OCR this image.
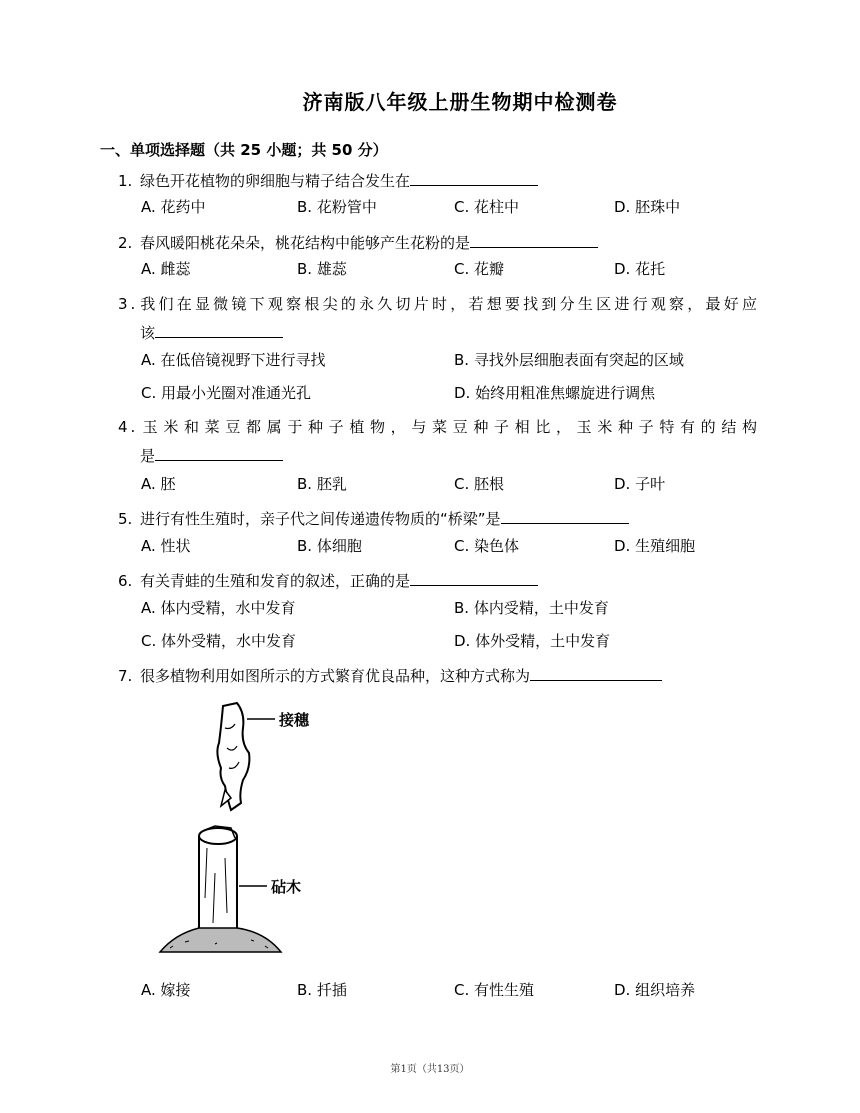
济南版八年级上册生物期中检测卷
一、单项选择题（共 25 小题；共 50 分）
1. 绿色开花植物的卵细胞与精子结合发生在
A. 花药中	B. 花粉管中	C. 花柱中	D. 胚珠中
2. 春风暖阳桃花朵朵，桃花结构中能够产生花粉的是
A. 雌蕊	B. 雄蕊	C. 花瓣	D. 花托
3. 我们在显微镜下观察根尖的永久切片时，若想要找到分生区进行观察，最好应
该
A. 在低倍镜视野下进行寻找	B. 寻找外层细胞表面有突起的区域
C. 用最小光圈对准通光孔	D. 始终用粗准焦螺旋进行调焦
4. 玉米和菜豆都属于种子植物，与菜豆种子相比，玉米种子特有的结构
是
A. 胚	B. 胚乳	C. 胚根	D. 子叶
5. 进行有性生殖时，亲子代之间传递遗传物质的“桥梁”是
A. 性状	B. 体细胞	C. 染色体	D. 生殖细胞
6. 有关青蛙的生殖和发育的叙述，正确的是
A. 体内受精，水中发育	B. 体内受精，土中发育
C. 体外受精，水中发育	D. 体外受精，土中发育
7. 很多植物利用如图所示的方式繁育优良品种，这种方式称为
接穗
砧木
A. 嫁接	B. 扦插	C. 有性生殖	D. 组织培养
第1页（共13页）
